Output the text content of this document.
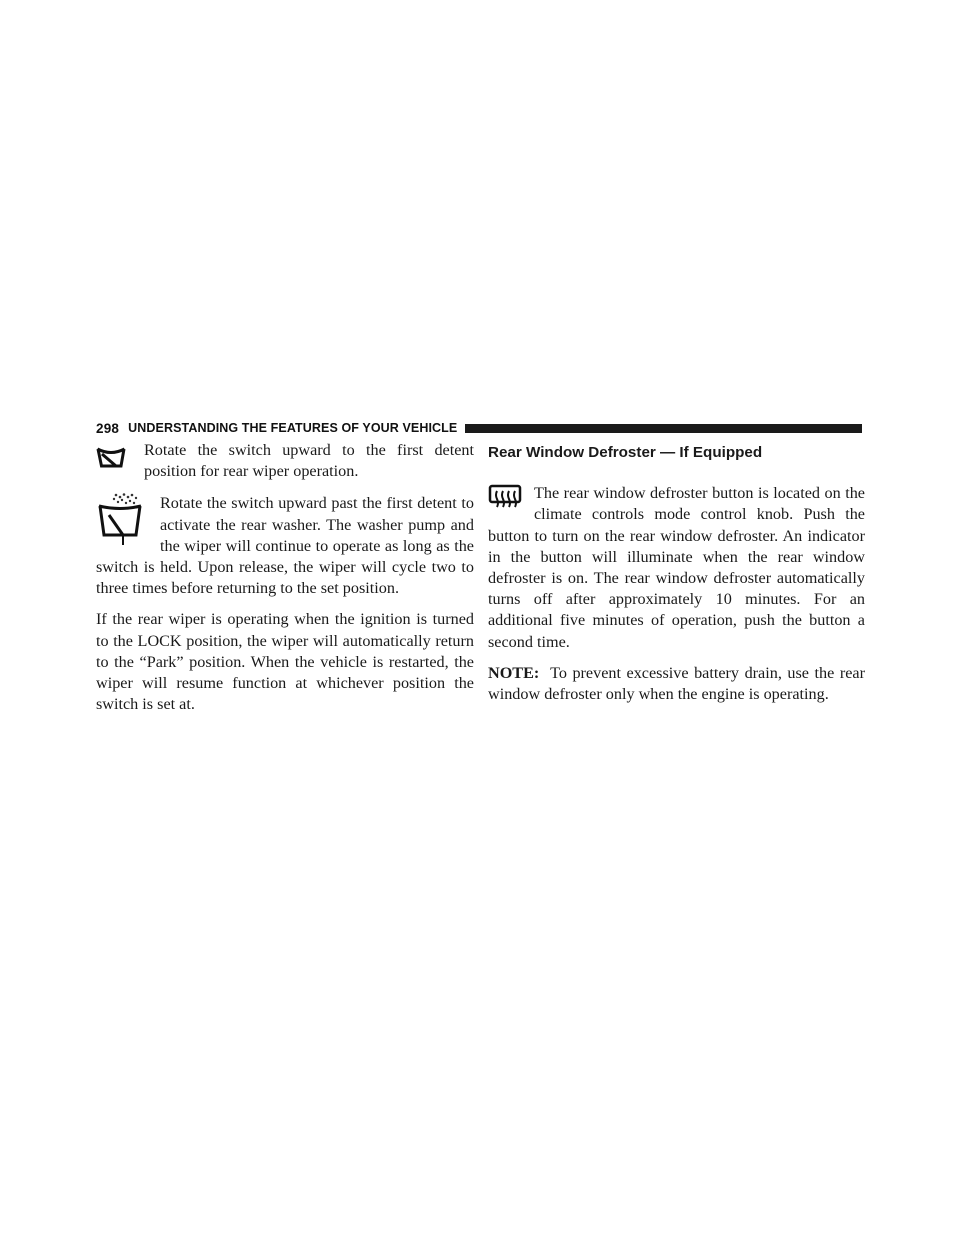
298 UNDERSTANDING THE FEATURES OF YOUR VEHICLE

Rotate the switch upward to the first detent position for rear wiper operation.

Rotate the switch upward past the first detent to activate the rear washer. The washer pump and the wiper will continue to operate as long as the switch is held. Upon release, the wiper will cycle two to three times before returning to the set position.

If the rear wiper is operating when the ignition is turned to the LOCK position, the wiper will automatically return to the “Park” position. When the vehicle is restarted, the wiper will resume function at whichever position the switch is set at.

Rear Window Defroster — If Equipped

The rear window defroster button is located on the climate controls mode control knob. Push the button to turn on the rear window defroster. An indicator in the button will illuminate when the rear window defroster is on. The rear window defroster automatically turns off after approximately 10 minutes. For an additional five minutes of operation, push the button a second time.

NOTE: To prevent excessive battery drain, use the rear window defroster only when the engine is operating.
